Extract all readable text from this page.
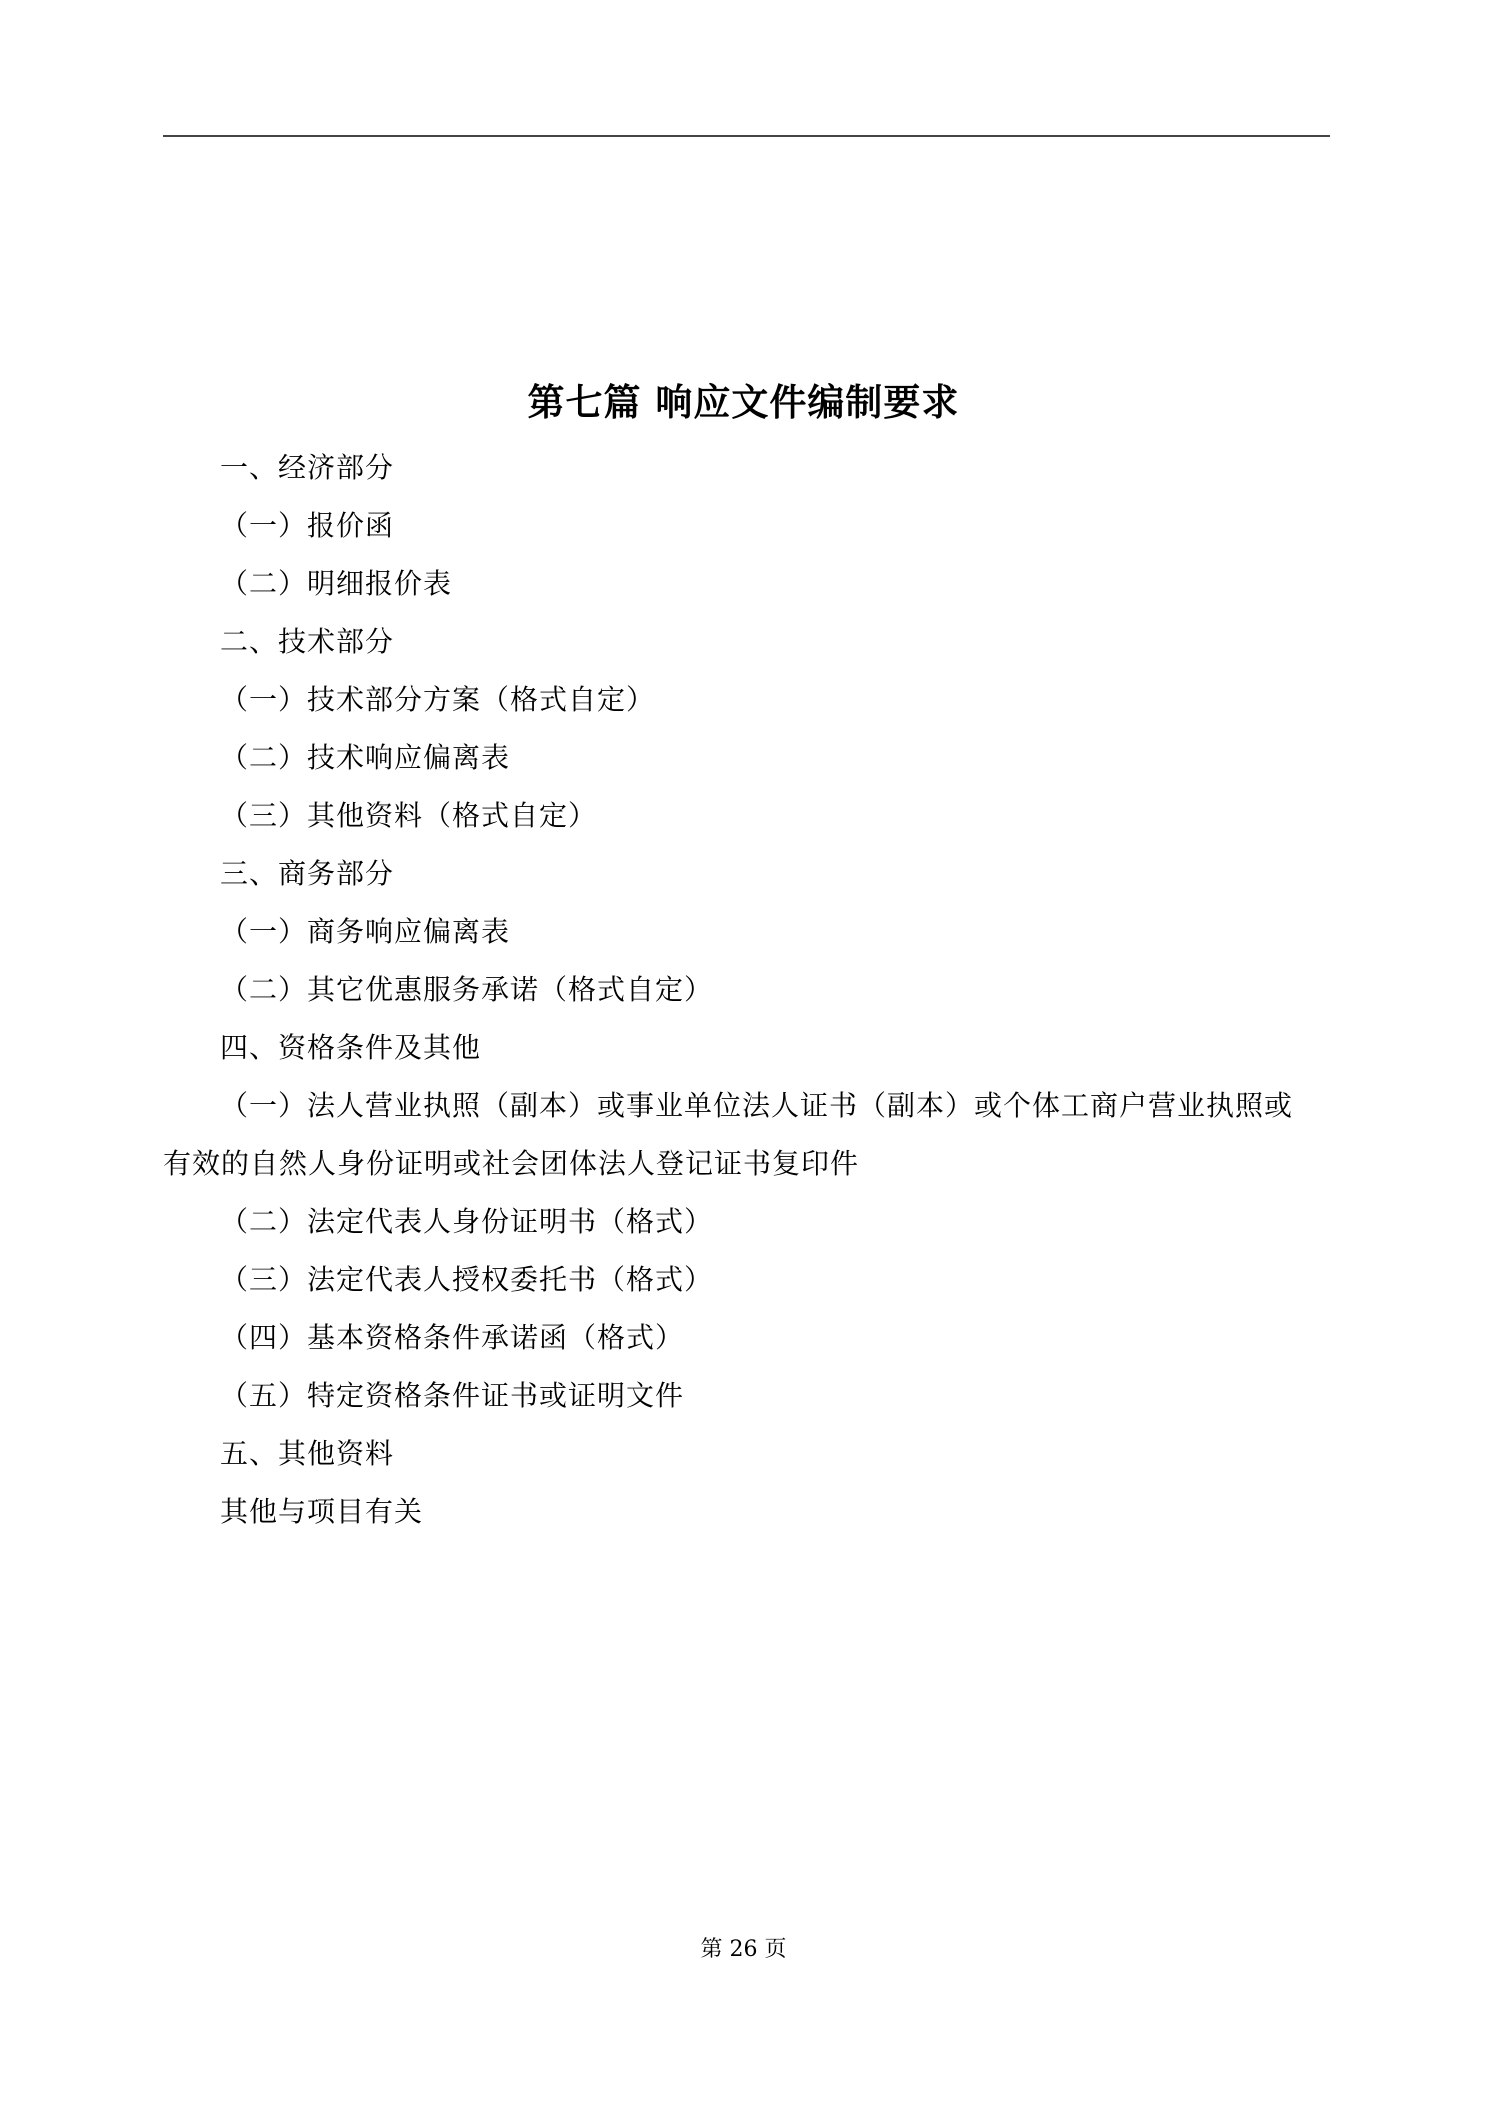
第七篇 响应文件编制要求
一、经济部分
（一）报价函
（二）明细报价表
二、技术部分
（一）技术部分方案（格式自定）
（二）技术响应偏离表
（三）其他资料（格式自定）
三、商务部分
（一）商务响应偏离表
（二）其它优惠服务承诺（格式自定）
四、资格条件及其他
（一）法人营业执照（副本）或事业单位法人证书（副本）或个体工商户营业执照或
有效的自然人身份证明或社会团体法人登记证书复印件
（二）法定代表人身份证明书（格式）
（三）法定代表人授权委托书（格式）
（四）基本资格条件承诺函（格式）
（五）特定资格条件证书或证明文件
五、其他资料
其他与项目有关
第 26 页
